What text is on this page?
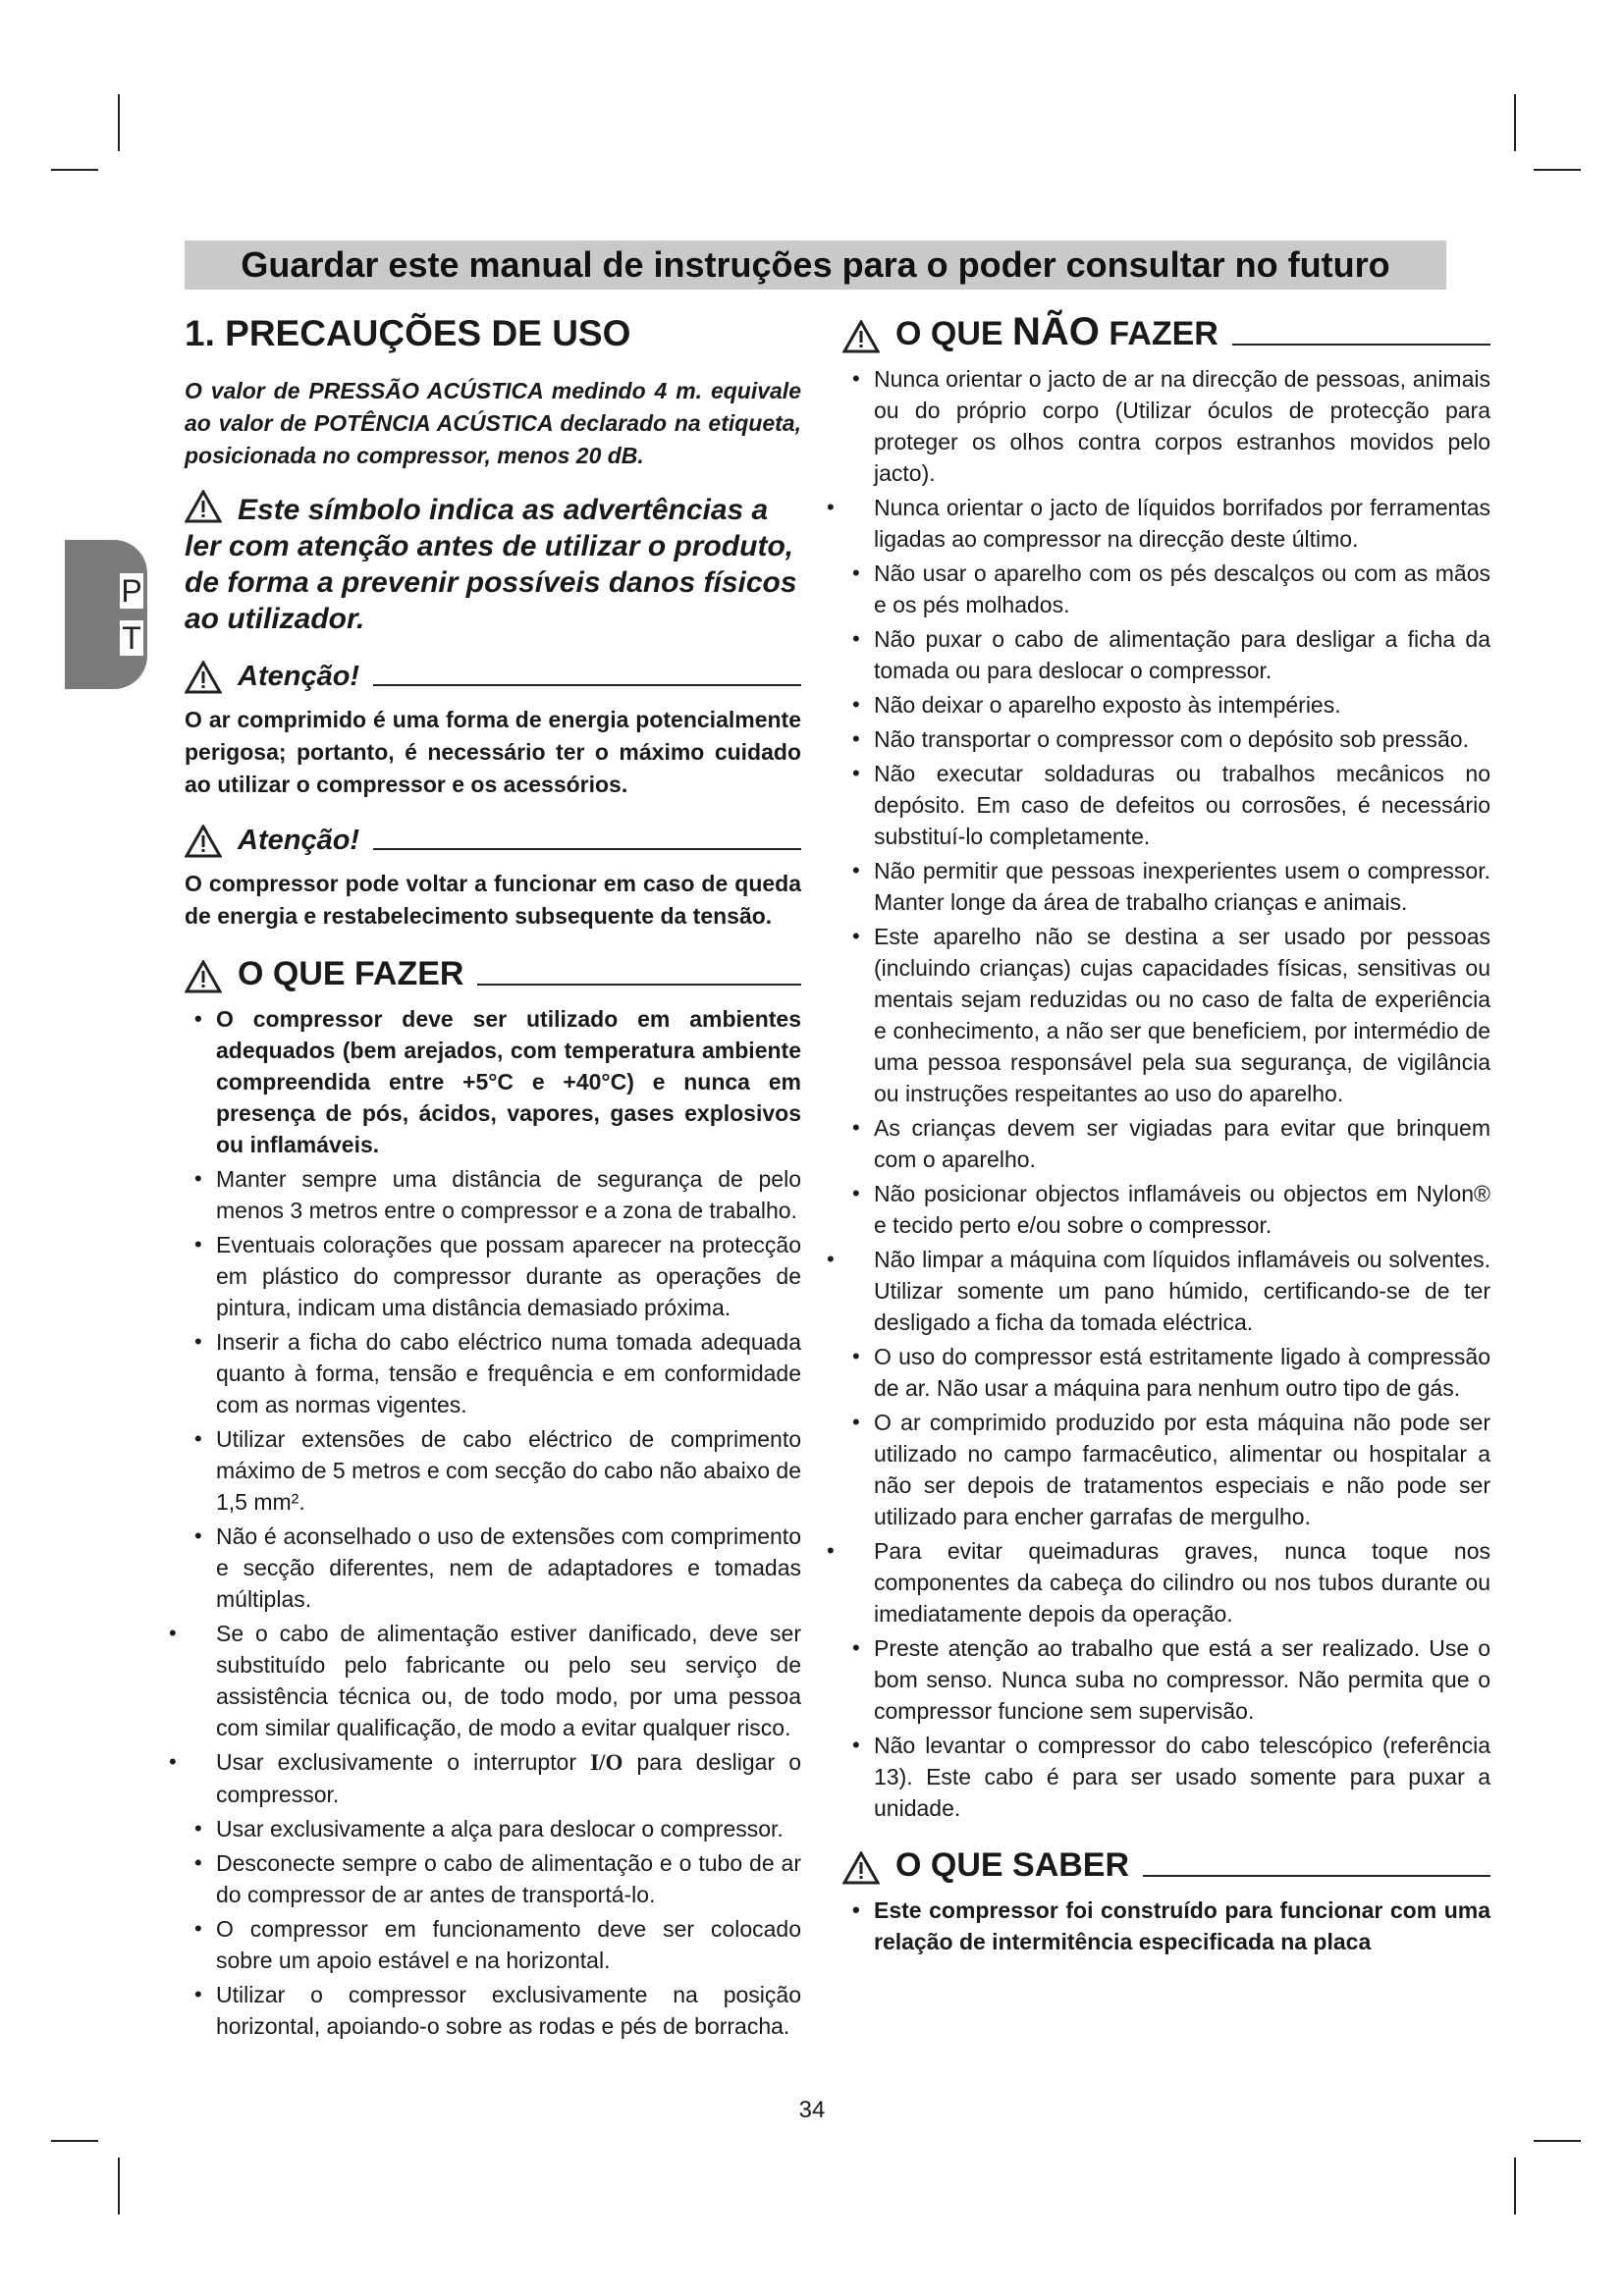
Guardar este manual de instruções para o poder consultar no futuro
P
T
1. PRECAUÇÕES DE USO

O valor de PRESSÃO ACÚSTICA medindo 4 m. equivale ao valor de POTÊNCIA ACÚSTICA declarado na etiqueta, posicionada no compressor, menos 20 dB.

Este símbolo indica as advertências a ler com atenção antes de utilizar o produto, de forma a prevenir possíveis danos físicos ao utilizador.
Atenção!

O ar comprimido é uma forma de energia potencialmente perigosa; portanto, é necessário ter o máximo cuidado ao utilizar o compressor e os acessórios.

Atenção!

O compressor pode voltar a funcionar em caso de queda de energia e restabelecimento subsequente da tensão.

O QUE FAZER
• O compressor deve ser utilizado em ambientes adequados (bem arejados, com temperatura ambiente compreendida entre +5°C e +40°C) e nunca em presença de pós, ácidos, vapores, gases explosivos ou inflamáveis.
• Manter sempre uma distância de segurança de pelo menos 3 metros entre o compressor e a zona de trabalho.
• Eventuais colorações que possam aparecer na protecção em plástico do compressor durante as operações de pintura, indicam uma distância demasiado próxima.
• Inserir a ficha do cabo eléctrico numa tomada adequada quanto à forma, tensão e frequência e em conformidade com as normas vigentes.
• Utilizar extensões de cabo eléctrico de comprimento máximo de 5 metros e com secção do cabo não abaixo de 1,5 mm².
• Não é aconselhado o uso de extensões com comprimento e secção diferentes, nem de adaptadores e tomadas múltiplas.
• Se o cabo de alimentação estiver danificado, deve ser substituído pelo fabricante ou pelo seu serviço de assistência técnica ou, de todo modo, por uma pessoa com similar qualificação, de modo a evitar qualquer risco.
• Usar exclusivamente o interruptor I/O para desligar o compressor.
• Usar exclusivamente a alça para deslocar o compressor.
• Desconecte sempre o cabo de alimentação e o tubo de ar do compressor de ar antes de transportá-lo.
• O compressor em funcionamento deve ser colocado sobre um apoio estável e na horizontal.
• Utilizar o compressor exclusivamente na posição horizontal, apoiando-o sobre as rodas e pés de borracha.
O QUE NÃO FAZER
• Nunca orientar o jacto de ar na direcção de pessoas, animais ou do próprio corpo (Utilizar óculos de protecção para proteger os olhos contra corpos estranhos movidos pelo jacto).
• Nunca orientar o jacto de líquidos borrifados por ferramentas ligadas ao compressor na direcção deste último.
• Não usar o aparelho com os pés descalços ou com as mãos e os pés molhados.
• Não puxar o cabo de alimentação para desligar a ficha da tomada ou para deslocar o compressor.
• Não deixar o aparelho exposto às intempéries.
• Não transportar o compressor com o depósito sob pressão.
• Não executar soldaduras ou trabalhos mecânicos no depósito. Em caso de defeitos ou corrosões, é necessário substituí-lo completamente.
• Não permitir que pessoas inexperientes usem o compressor. Manter longe da área de trabalho crianças e animais.
• Este aparelho não se destina a ser usado por pessoas (incluindo crianças) cujas capacidades físicas, sensitivas ou mentais sejam reduzidas ou no caso de falta de experiência e conhecimento, a não ser que beneficiem, por intermédio de uma pessoa responsável pela sua segurança, de vigilância ou instruções respeitantes ao uso do aparelho.
• As crianças devem ser vigiadas para evitar que brinquem com o aparelho.
• Não posicionar objectos inflamáveis ou objectos em Nylon® e tecido perto e/ou sobre o compressor.
• Não limpar a máquina com líquidos inflamáveis ou solventes. Utilizar somente um pano húmido, certificando-se de ter desligado a ficha da tomada eléctrica.
• O uso do compressor está estritamente ligado à compressão de ar. Não usar a máquina para nenhum outro tipo de gás.
• O ar comprimido produzido por esta máquina não pode ser utilizado no campo farmacêutico, alimentar ou hospitalar a não ser depois de tratamentos especiais e não pode ser utilizado para encher garrafas de mergulho.
• Para evitar queimaduras graves, nunca toque nos componentes da cabeça do cilindro ou nos tubos durante ou imediatamente depois da operação.
• Preste atenção ao trabalho que está a ser realizado. Use o bom senso. Nunca suba no compressor. Não permita que o compressor funcione sem supervisão.
• Não levantar o compressor do cabo telescópico (referência 13). Este cabo é para ser usado somente para puxar a unidade.
O QUE SABER
• Este compressor foi construído para funcionar com uma relação de intermitência especificada na placa
34
